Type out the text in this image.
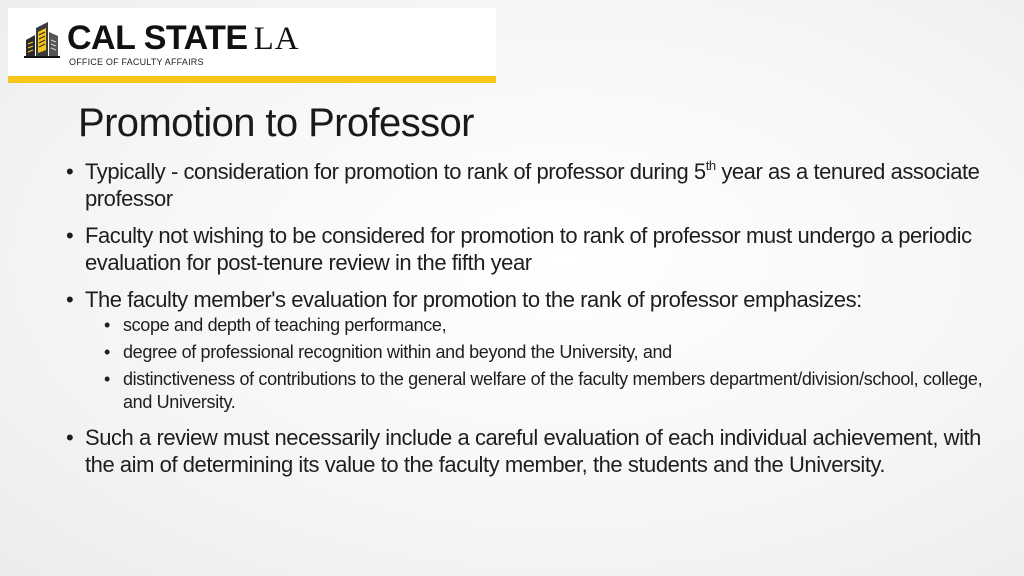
CAL STATE LA
OFFICE OF FACULTY AFFAIRS
Promotion to Professor
• Typically - consideration for promotion to rank of professor during 5th year as a tenured associate professor
• Faculty not wishing to be considered for promotion to rank of professor must undergo a periodic evaluation for post-tenure review in the fifth year
• The faculty member's evaluation for promotion to the rank of professor emphasizes:
• scope and depth of teaching performance,
• degree of professional recognition within and beyond the University, and
• distinctiveness of contributions to the general welfare of the faculty members department/division/school, college, and University.
• Such a review must necessarily include a careful evaluation of each individual achievement, with the aim of determining its value to the faculty member, the students and the University.
